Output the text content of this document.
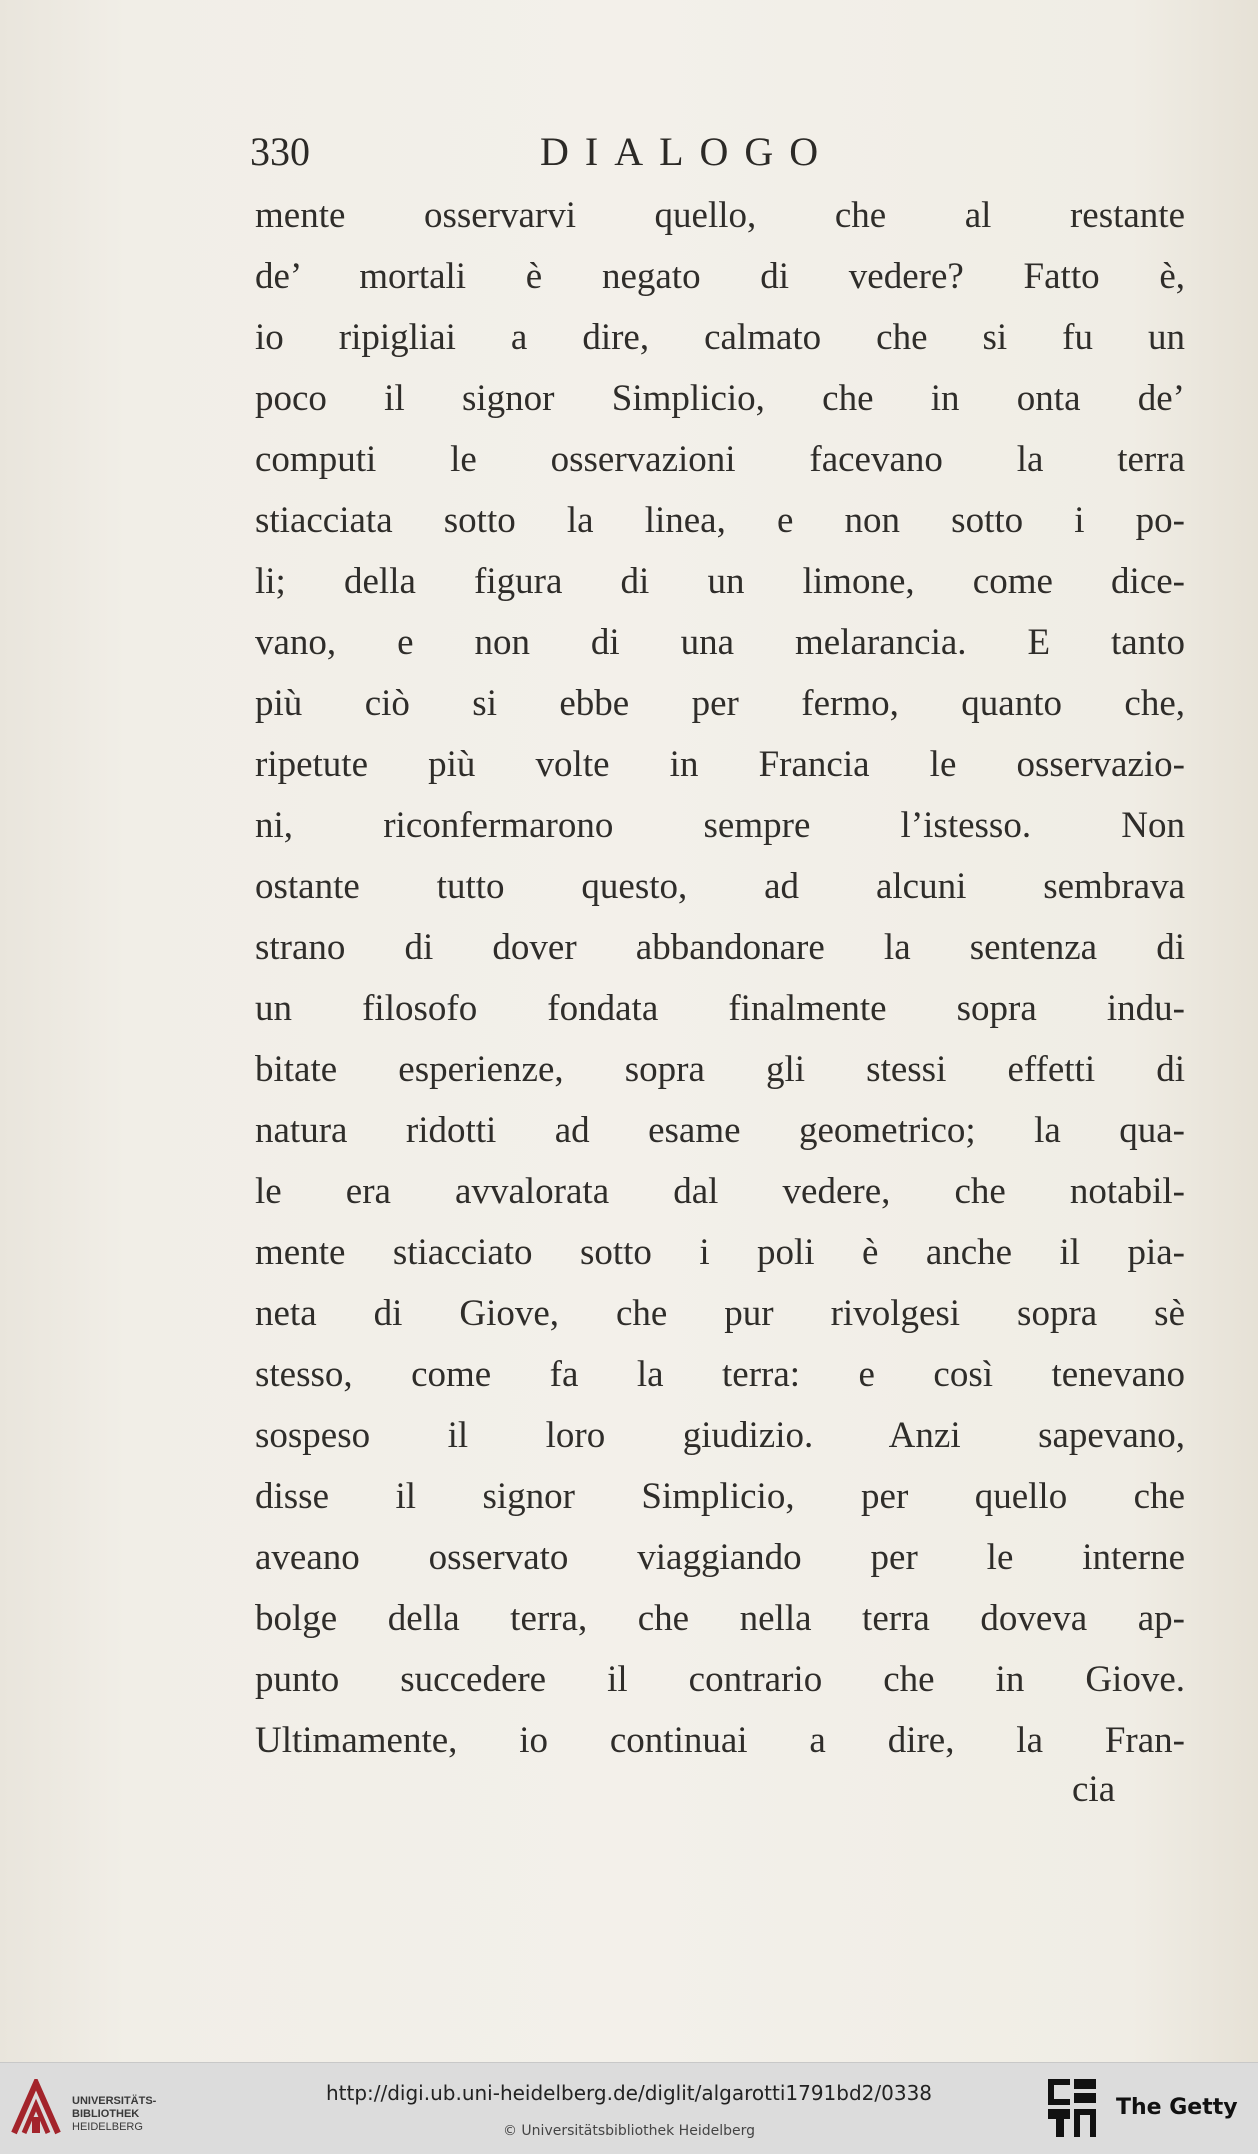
330	DIALOGO
mente osservarvi quello, che al restante
de’ mortali è negato di vedere? Fatto è,
io ripigliai a dire, calmato che si fu un
poco il signor Simplicio, che in onta de’
computi le osservazioni facevano la terra
stiacciata sotto la linea, e non sotto i po-
li; della figura di un limone, come dice-
vano, e non di una melarancia. E tanto
più ciò si ebbe per fermo, quanto che,
ripetute più volte in Francia le osservazio-
ni, riconfermarono sempre l’istesso. Non
ostante tutto questo, ad alcuni sembrava
strano di dover abbandonare la sentenza di
un filosofo fondata finalmente sopra indu-
bitate esperienze, sopra gli stessi effetti di
natura ridotti ad esame geometrico; la qua-
le era avvalorata dal vedere, che notabil-
mente stiacciato sotto i poli è anche il pia-
neta di Giove, che pur rivolgesi sopra sè
stesso, come fa la terra: e così tenevano
sospeso il loro giudizio. Anzi sapevano,
disse il signor Simplicio, per quello che
aveano osservato viaggiando per le interne
bolge della terra, che nella terra doveva ap-
punto succedere il contrario che in Giove.
Ultimamente, io continuai a dire, la Fran-
cia
UNIVERSITÄTS-
BIBLIOTHEK
HEIDELBERG
http://digi.ub.uni-heidelberg.de/diglit/algarotti1791bd2/0338
© Universitätsbibliothek Heidelberg
The Getty
